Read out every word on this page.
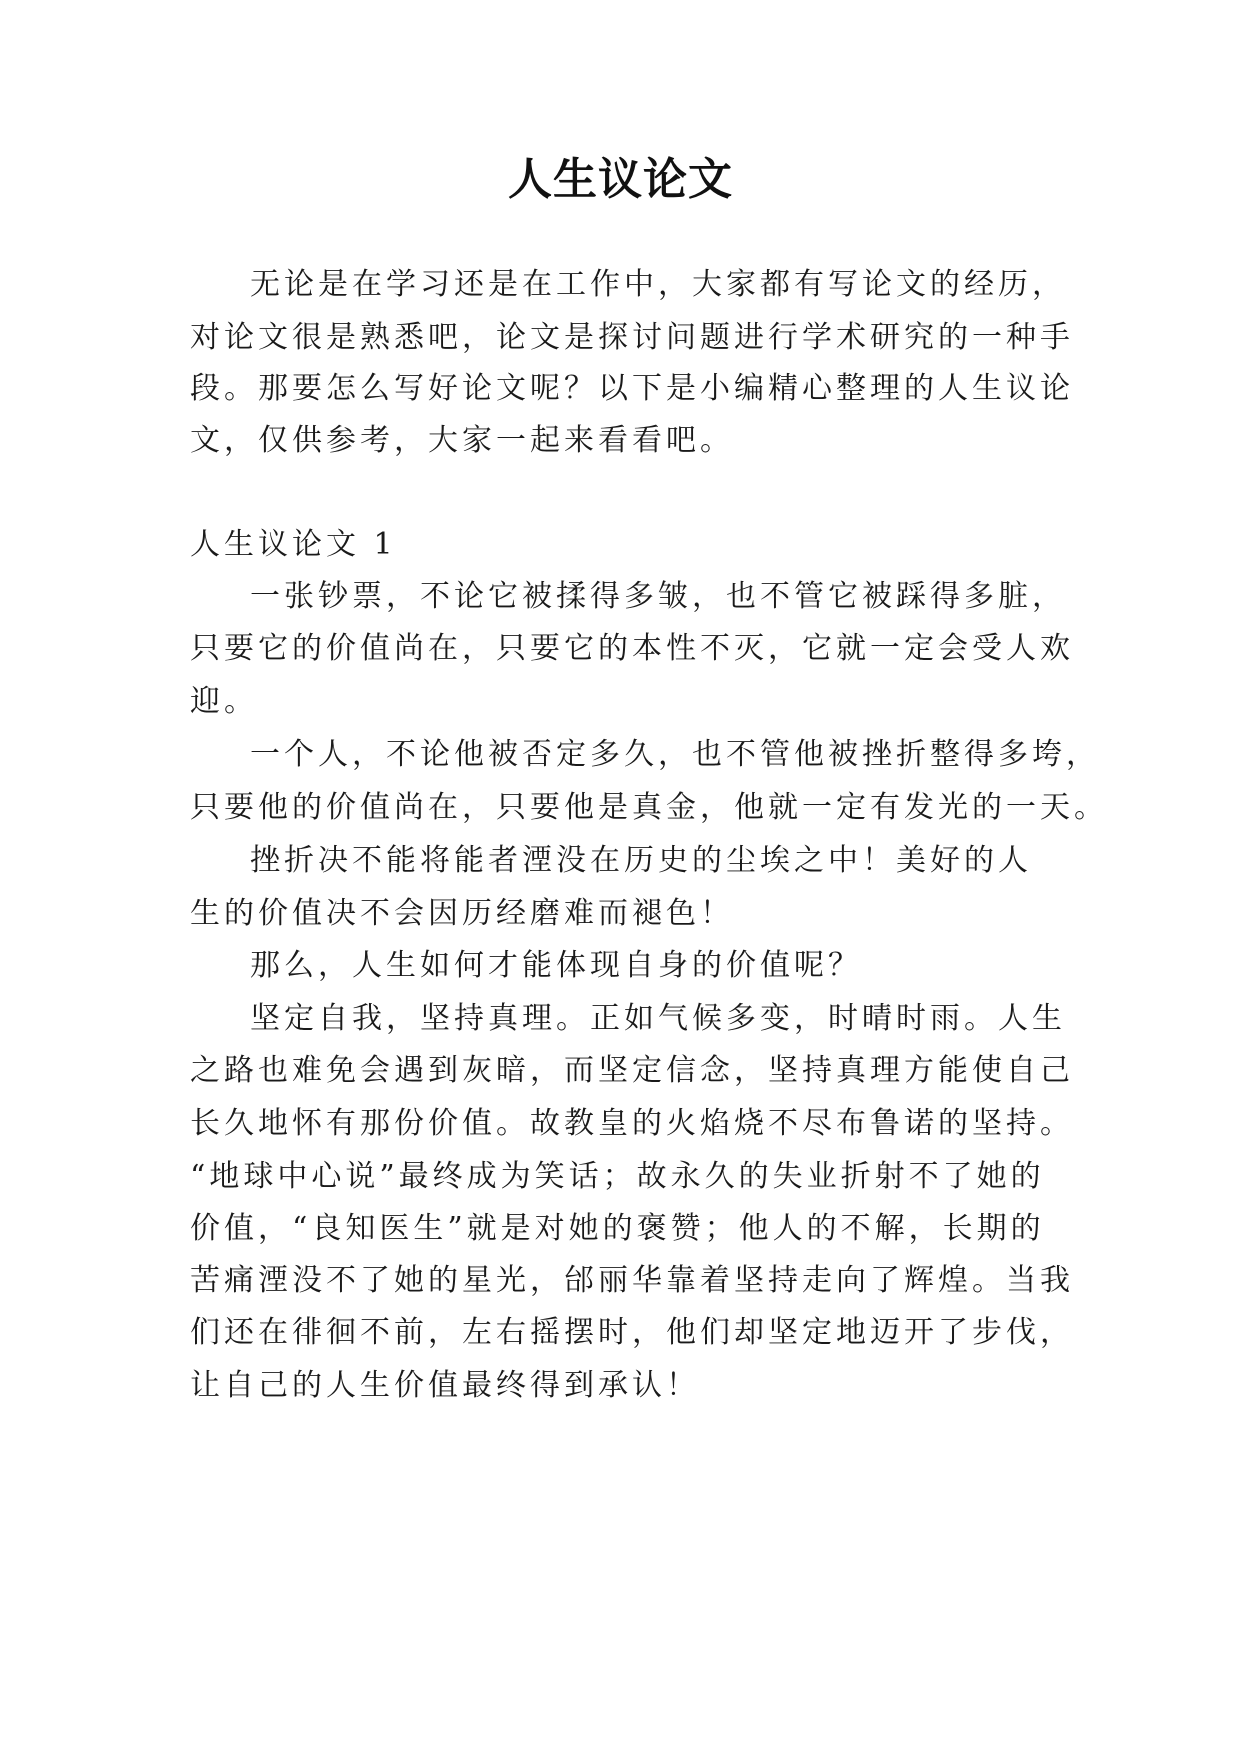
人生议论文
无论是在学习还是在工作中，大家都有写论文的经历，
对论文很是熟悉吧，论文是探讨问题进行学术研究的一种手
段。那要怎么写好论文呢？以下是小编精心整理的人生议论
文，仅供参考，大家一起来看看吧。
人生议论文 1
一张钞票，不论它被揉得多皱，也不管它被踩得多脏，
只要它的价值尚在，只要它的本性不灭，它就一定会受人欢
迎。
一个人，不论他被否定多久，也不管他被挫折整得多垮，
只要他的价值尚在，只要他是真金，他就一定有发光的一天。
挫折决不能将能者湮没在历史的尘埃之中！美好的人
生的价值决不会因历经磨难而褪色！
那么，人生如何才能体现自身的价值呢？
坚定自我，坚持真理。正如气候多变，时晴时雨。人生
之路也难免会遇到灰暗，而坚定信念，坚持真理方能使自己
长久地怀有那份价值。故教皇的火焰烧不尽布鲁诺的坚持。
“地球中心说”最终成为笑话；故永久的失业折射不了她的
价值，“良知医生”就是对她的褒赞；他人的不解，长期的
苦痛湮没不了她的星光，邰丽华靠着坚持走向了辉煌。当我
们还在徘徊不前，左右摇摆时，他们却坚定地迈开了步伐，
让自己的人生价值最终得到承认！
